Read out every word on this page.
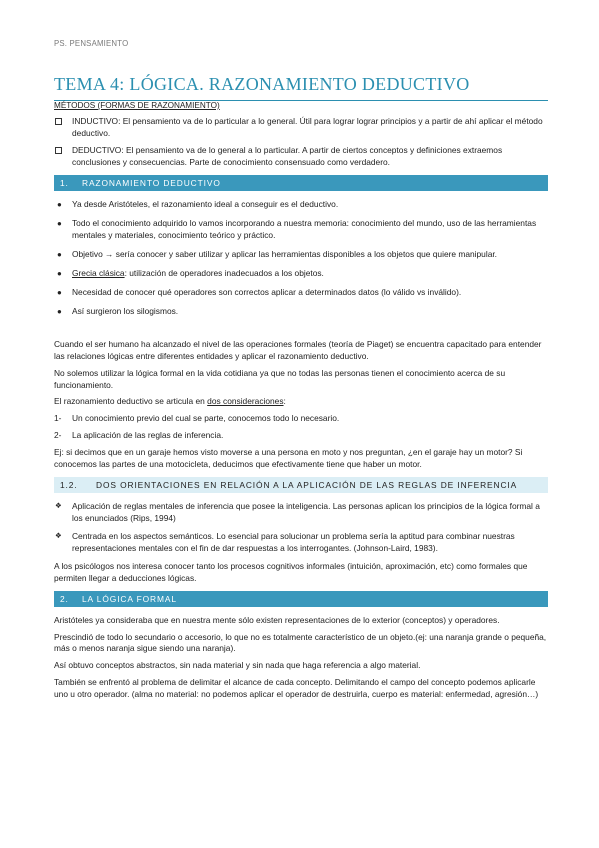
PS. PENSAMIENTO
TEMA 4: LÓGICA. RAZONAMIENTO DEDUCTIVO
MÉTODOS (FORMAS DE RAZONAMIENTO)
INDUCTIVO: El pensamiento va de lo particular a lo general. Útil para lograr lograr principios y a partir de ahí aplicar el método deductivo.
DEDUCTIVO: El pensamiento va de lo general a lo particular. A partir de ciertos conceptos y definiciones extraemos conclusiones y consecuencias. Parte de conocimiento consensuado como verdadero.
1. RAZONAMIENTO DEDUCTIVO
● Ya desde Aristóteles, el razonamiento ideal a conseguir es el deductivo.
● Todo el conocimiento adquirido lo vamos incorporando a nuestra memoria: conocimiento del mundo, uso de las herramientas mentales y materiales, conocimiento teórico y práctico.
● Objetivo → sería conocer y saber utilizar y aplicar las herramientas disponibles a los objetos que quiere manipular.
● Grecia clásica: utilización de operadores inadecuados a los objetos.
● Necesidad de conocer qué operadores son correctos aplicar a determinados datos (lo válido vs inválido).
● Así surgieron los silogismos.

Cuando el ser humano ha alcanzado el nivel de las operaciones formales (teoría de Piaget) se encuentra capacitado para entender las relaciones lógicas entre diferentes entidades y aplicar el razonamiento deductivo.

No solemos utilizar la lógica formal en la vida cotidiana ya que no todas las personas tienen el conocimiento acerca de su funcionamiento.

El razonamiento deductivo se articula en dos consideraciones:

1- Un conocimiento previo del cual se parte, conocemos todo lo necesario.
2- La aplicación de las reglas de inferencia.

Ej: si decimos que en un garaje hemos visto moverse a una persona en moto y nos preguntan, ¿en el garaje hay un motor? Si conocemos las partes de una motocicleta, deducimos que efectivamente tiene que haber un motor.

1.2. DOS ORIENTACIONES EN RELACIÓN A LA APLICACIÓN DE LAS REGLAS DE INFERENCIA
❖ Aplicación de reglas mentales de inferencia que posee la inteligencia. Las personas aplican los principios de la lógica formal a los enunciados (Rips, 1994)
❖ Centrada en los aspectos semánticos. Lo esencial para solucionar un problema sería la aptitud para combinar nuestras representaciones mentales con el fin de dar respuestas a los interrogantes. (Johnson-Laird, 1983).

A los psicólogos nos interesa conocer tanto los procesos cognitivos informales (intuición, aproximación, etc) como formales que permiten llegar a deducciones lógicas.

2. LA LÓGICA FORMAL

Aristóteles ya consideraba que en nuestra mente sólo existen representaciones de lo exterior (conceptos) y operadores.

Prescindió de todo lo secundario o accesorio, lo que no es totalmente característico de un objeto.(ej: una naranja grande o pequeña, más o menos naranja sigue siendo una naranja).

Así obtuvo conceptos abstractos, sin nada material y sin nada que haga referencia a algo material.

También se enfrentó al problema de delimitar el alcance de cada concepto. Delimitando el campo del concepto podemos aplicarle uno u otro operador. (alma no material: no podemos aplicar el operador de destruirla, cuerpo es material: enfermedad, agresión…)
